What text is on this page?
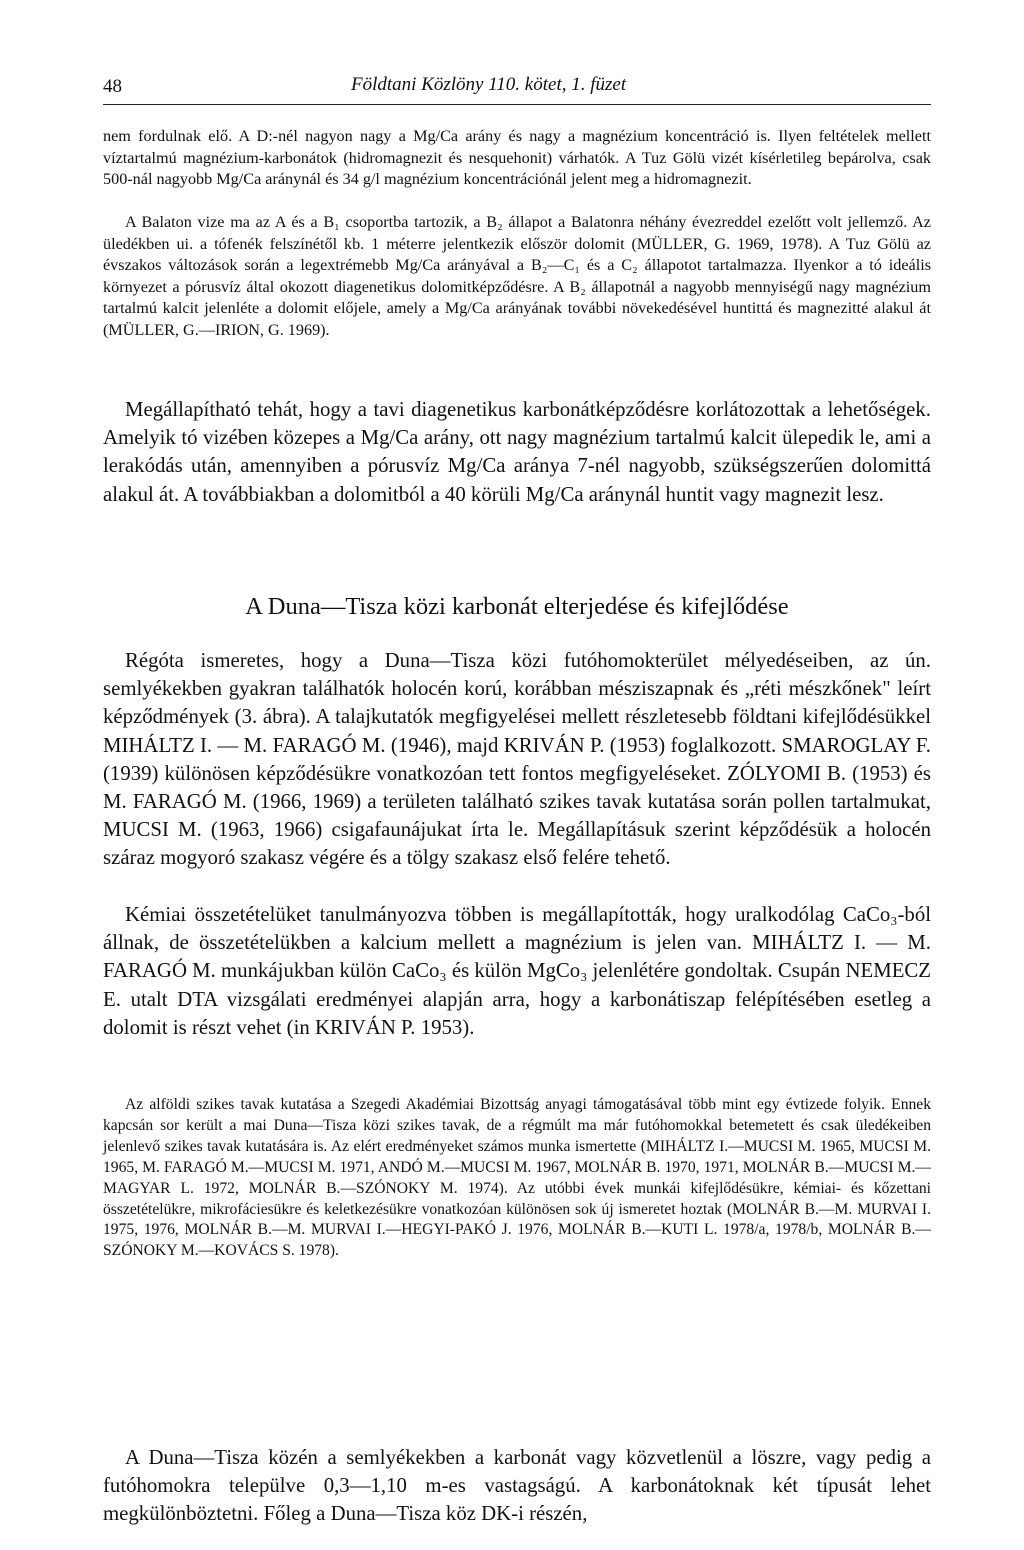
48	Földtani Közlöny 110. kötet, 1. füzet

nem fordulnak elő. A D:-nél nagyon nagy a Mg/Ca arány és nagy a magnézium koncentráció is. Ilyen feltételek mellett víztartalmú magnézium-karbonátok (hidromagnezit és nesquehonit) várhatók. A Tuz Gölü vizét kísérletileg bepárolva, csak 500-nál nagyobb Mg/Ca aránynál és 34 g/l magnézium koncentrációnál jelent meg a hidromagnezit.

A Balaton vize ma az A és a B₁ csoportba tartozik, a B₂ állapot a Balatonra néhány évezreddel ezelőtt volt jellemző. Az üledékben ui. a tófenék felszínétől kb. 1 méterre jelentkezik először dolomit (MÜLLER, G. 1969, 1978). A Tuz Gölü az évszakos változások során a legextrémebb Mg/Ca arányával a B₂—C₁ és a C₂ állapotot tartalmazza. Ilyenkor a tó ideális környezet a pórusvíz által okozott diagenetikus dolomitképződésre. A B₂ állapotnál a nagyobb mennyiségű nagy magnézium tartalmú kalcit jelenléte a dolomit előjele, amely a Mg/Ca arányának további növekedésével huntittá és magnezitté alakul át (MÜLLER, G.—IRION, G. 1969).

Megállapítható tehát, hogy a tavi diagenetikus karbonátképződésre korlátozottak a lehetőségek. Amelyik tó vizében közepes a Mg/Ca arány, ott nagy magnézium tartalmú kalcit ülepedik le, ami a lerakódás után, amennyiben a pórusvíz Mg/Ca aránya 7-nél nagyobb, szükségszerűen dolomittá alakul át. A továbbiakban a dolomitból a 40 körüli Mg/Ca aránynál huntit vagy magnezit lesz.

A Duna—Tisza közi karbonát elterjedése és kifejlődése

Régóta ismeretes, hogy a Duna—Tisza közi futóhomokterület mélyedéseiben, az ún. semlyékekben gyakran találhatók holocén korú, korábban mésziszapnak és „réti mészkőnek" leírt képződmények (3. ábra). A talajkutatók megfigyelései mellett részletesebb földtani kifejlődésükkel MIHÁLTZ I. — M. FARAGÓ M. (1946), majd KRIVÁN P. (1953) foglalkozott. SMAROGLAY F. (1939) különösen képződésükre vonatkozóan tett fontos megfigyeléseket. ZÓLYOMI B. (1953) és M. FARAGÓ M. (1966, 1969) a területen található szikes tavak kutatása során pollen tartalmukat, MUCSI M. (1963, 1966) csigafaunájukat írta le. Megállapításuk szerint képződésük a holocén száraz mogyoró szakasz végére és a tölgy szakasz első felére tehető.

Kémiai összetételüket tanulmányozva többen is megállapították, hogy uralkodólag CaCo₃-ból állnak, de összetételükben a kalcium mellett a magnézium is jelen van. MIHÁLTZ I. — M. FARAGÓ M. munkájukban külön CaCo₃ és külön MgCo₃ jelenlétére gondoltak. Csupán NEMECZ E. utalt DTA vizsgálati eredményei alapján arra, hogy a karbonátiszap felépítésében esetleg a dolomit is részt vehet (in KRIVÁN P. 1953).

Az alföldi szikes tavak kutatása a Szegedi Akadémiai Bizottság anyagi támogatásával több mint egy évtizede folyik. Ennek kapcsán sor került a mai Duna—Tisza közi szikes tavak, de a régmúlt ma már futóhomokkal betemetett és csak üledékeiben jelenlevő szikes tavak kutatására is. Az elért eredményeket számos munka ismertette (MIHÁLTZ I.—MUCSI M. 1965, MUCSI M. 1965, M. FARAGÓ M.—MUCSI M. 1971, ANDÓ M.—MUCSI M. 1967, MOLNÁR B. 1970, 1971, MOLNÁR B.—MUCSI M.—MAGYAR L. 1972, MOLNÁR B.—SZÓNOKY M. 1974). Az utóbbi évek munkái kifejlődésükre, kémiai- és kőzettani összetételükre, mikrofáciesükre és keletkezésükre vonatkozóan különösen sok új ismeretet hoztak (MOLNÁR B.—M. MURVAI I. 1975, 1976, MOLNÁR B.—M. MURVAI I.—HEGYI-PAKÓ J. 1976, MOLNÁR B.—KUTI L. 1978/a, 1978/b, MOLNÁR B.—SZÓNOKY M.—KOVÁCS S. 1978).

A Duna—Tisza közén a semlyékekben a karbonát vagy közvetlenül a löszre, vagy pedig a futóhomokra települve 0,3—1,10 m-es vastagságú. A karbonátoknak két típusát lehet megkülönböztetni. Főleg a Duna—Tisza köz DK-i részén,
